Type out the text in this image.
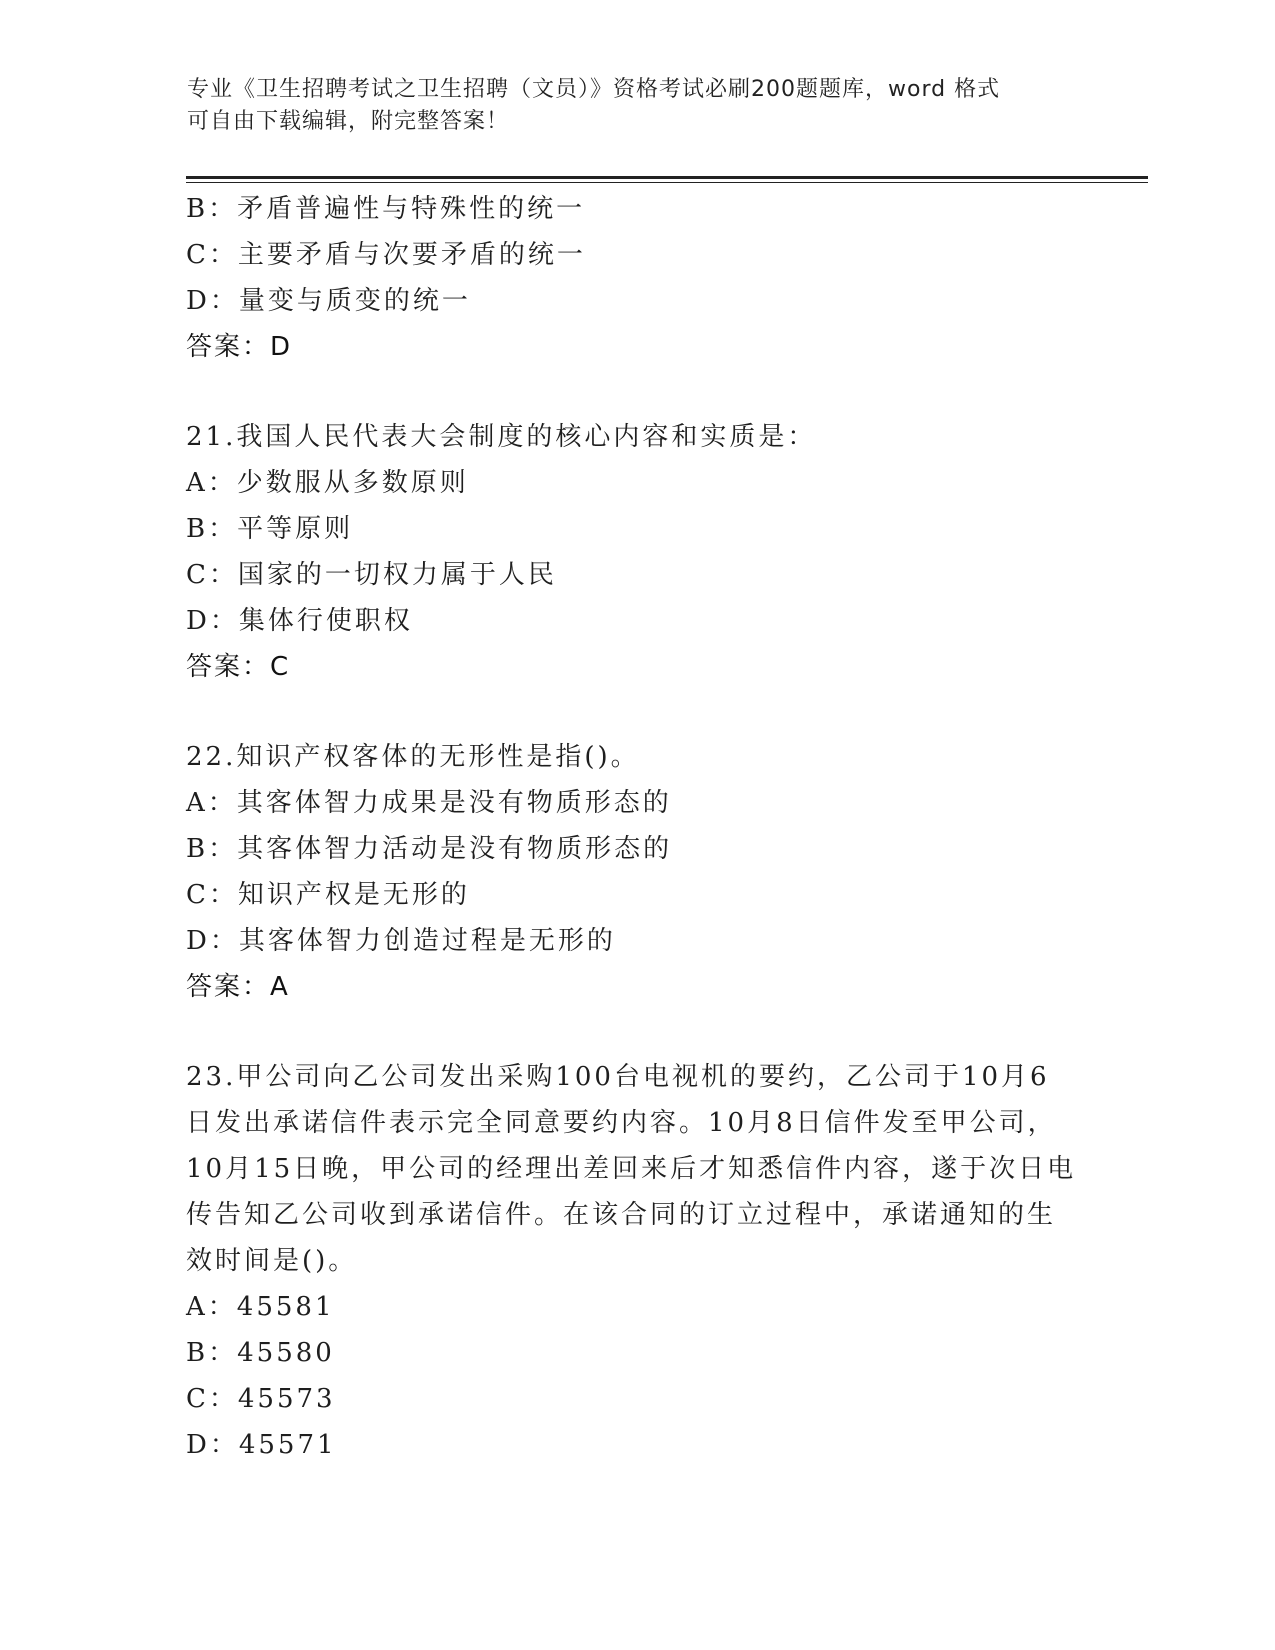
专业《卫生招聘考试之卫生招聘（文员）》资格考试必刷200题题库，word 格式
可自由下载编辑，附完整答案！
B：矛盾普遍性与特殊性的统一
C：主要矛盾与次要矛盾的统一
D：量变与质变的统一
答案：D
21.我国人民代表大会制度的核心内容和实质是：
A：少数服从多数原则
B：平等原则
C：国家的一切权力属于人民
D：集体行使职权
答案：C
22.知识产权客体的无形性是指()。
A：其客体智力成果是没有物质形态的
B：其客体智力活动是没有物质形态的
C：知识产权是无形的
D：其客体智力创造过程是无形的
答案：A
23.甲公司向乙公司发出采购100台电视机的要约，乙公司于10月6
日发出承诺信件表示完全同意要约内容。10月8日信件发至甲公司，
10月15日晚，甲公司的经理出差回来后才知悉信件内容，遂于次日电
传告知乙公司收到承诺信件。在该合同的订立过程中，承诺通知的生
效时间是()。
A：45581
B：45580
C：45573
D：45571
